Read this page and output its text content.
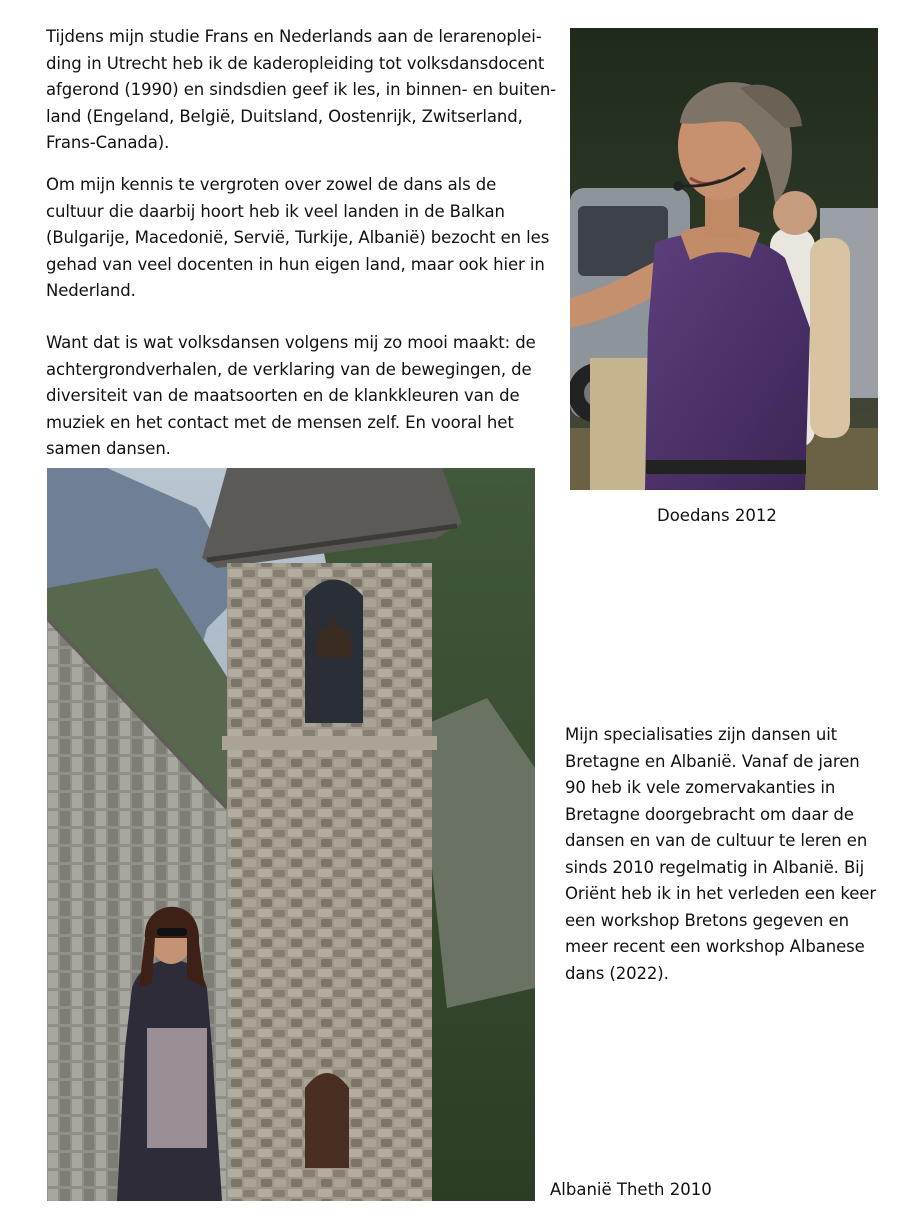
Tijdens mijn studie Frans en Nederlands aan de lerarenoplei-
ding in Utrecht heb ik de kaderopleiding tot volksdansdocent
afgerond (1990) en sindsdien geef ik les, in binnen- en buiten-
land (Engeland, België, Duitsland, Oostenrijk, Zwitserland,
Frans-Canada).
Om mijn kennis te vergroten over zowel de dans als de
cultuur die daarbij hoort heb ik veel landen in de Balkan
(Bulgarije, Macedonië, Servië, Turkije, Albanië) bezocht en les
gehad van veel docenten in hun eigen land, maar ook hier in
Nederland.
Want dat is wat volksdansen volgens mij zo mooi maakt: de
achtergrondverhalen, de verklaring van de bewegingen, de
diversiteit van de maatsoorten en de klankkleuren van de
muziek en het contact met de mensen zelf. En vooral het
samen dansen.

Doedans 2012

Albanië Theth 2010

Mijn specialisaties zijn dansen uit
Bretagne en Albanië. Vanaf de jaren
90 heb ik vele zomervakanties in
Bretagne doorgebracht om daar de
dansen en van de cultuur te leren en
sinds 2010 regelmatig in Albanië. Bij
Oriënt heb ik in het verleden een keer
een workshop Bretons gegeven en
meer recent een workshop Albanese
dans (2022).
